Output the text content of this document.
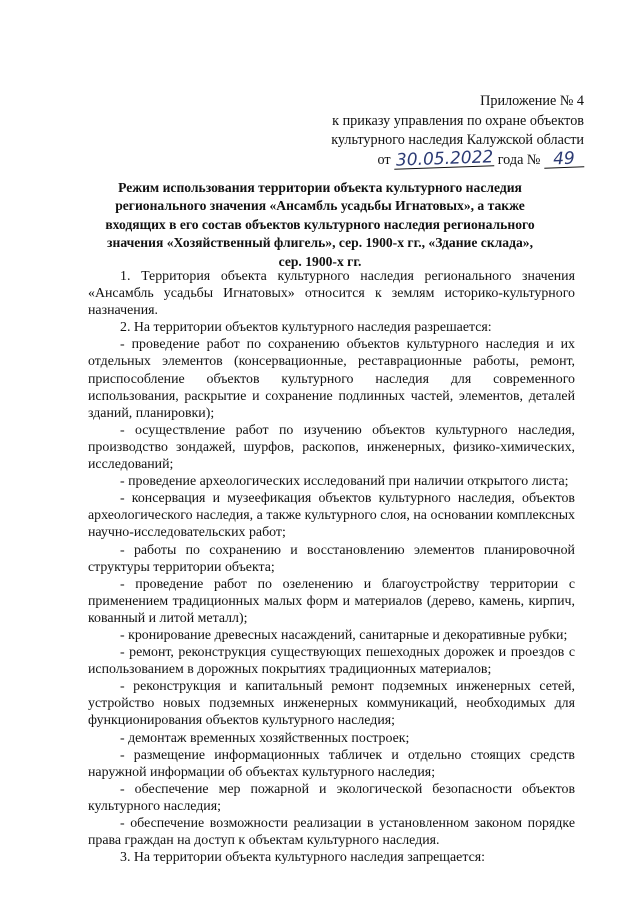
Приложение № 4
к приказу управления по охране объектов
культурного наследия Калужской области
от 30.05.2022 года № 49
Режим использования территории объекта культурного наследия регионального значения «Ансамбль усадьбы Игнатовых», а также входящих в его состав объектов культурного наследия регионального значения «Хозяйственный флигель», сер. 1900-х гг., «Здание склада», сер. 1900-х гг.

1. Территория объекта культурного наследия регионального значения «Ансамбль усадьбы Игнатовых» относится к землям историко-культурного назначения.

2. На территории объектов культурного наследия разрешается:

- проведение работ по сохранению объектов культурного наследия и их отдельных элементов (консервационные, реставрационные работы, ремонт, приспособление объектов культурного наследия для современного использования, раскрытие и сохранение подлинных частей, элементов, деталей зданий, планировки);

- осуществление работ по изучению объектов культурного наследия, производство зондажей, шурфов, раскопов, инженерных, физико-химических, исследований;

- проведение археологических исследований при наличии открытого листа;

- консервация и музеефикация объектов культурного наследия, объектов археологического наследия, а также культурного слоя, на основании комплексных научно-исследовательских работ;

- работы по сохранению и восстановлению элементов планировочной структуры территории объекта;

- проведение работ по озеленению и благоустройству территории с применением традиционных малых форм и материалов (дерево, камень, кирпич, кованный и литой металл);

- кронирование древесных насаждений, санитарные и декоративные рубки;

- ремонт, реконструкция существующих пешеходных дорожек и проездов с использованием в дорожных покрытиях традиционных материалов;

- реконструкция и капитальный ремонт подземных инженерных сетей, устройство новых подземных инженерных коммуникаций, необходимых для функционирования объектов культурного наследия;

- демонтаж временных хозяйственных построек;

- размещение информационных табличек и отдельно стоящих средств наружной информации об объектах культурного наследия;

- обеспечение мер пожарной и экологической безопасности объектов культурного наследия;

- обеспечение возможности реализации в установленном законом порядке права граждан на доступ к объектам культурного наследия.

3. На территории объекта культурного наследия запрещается:
